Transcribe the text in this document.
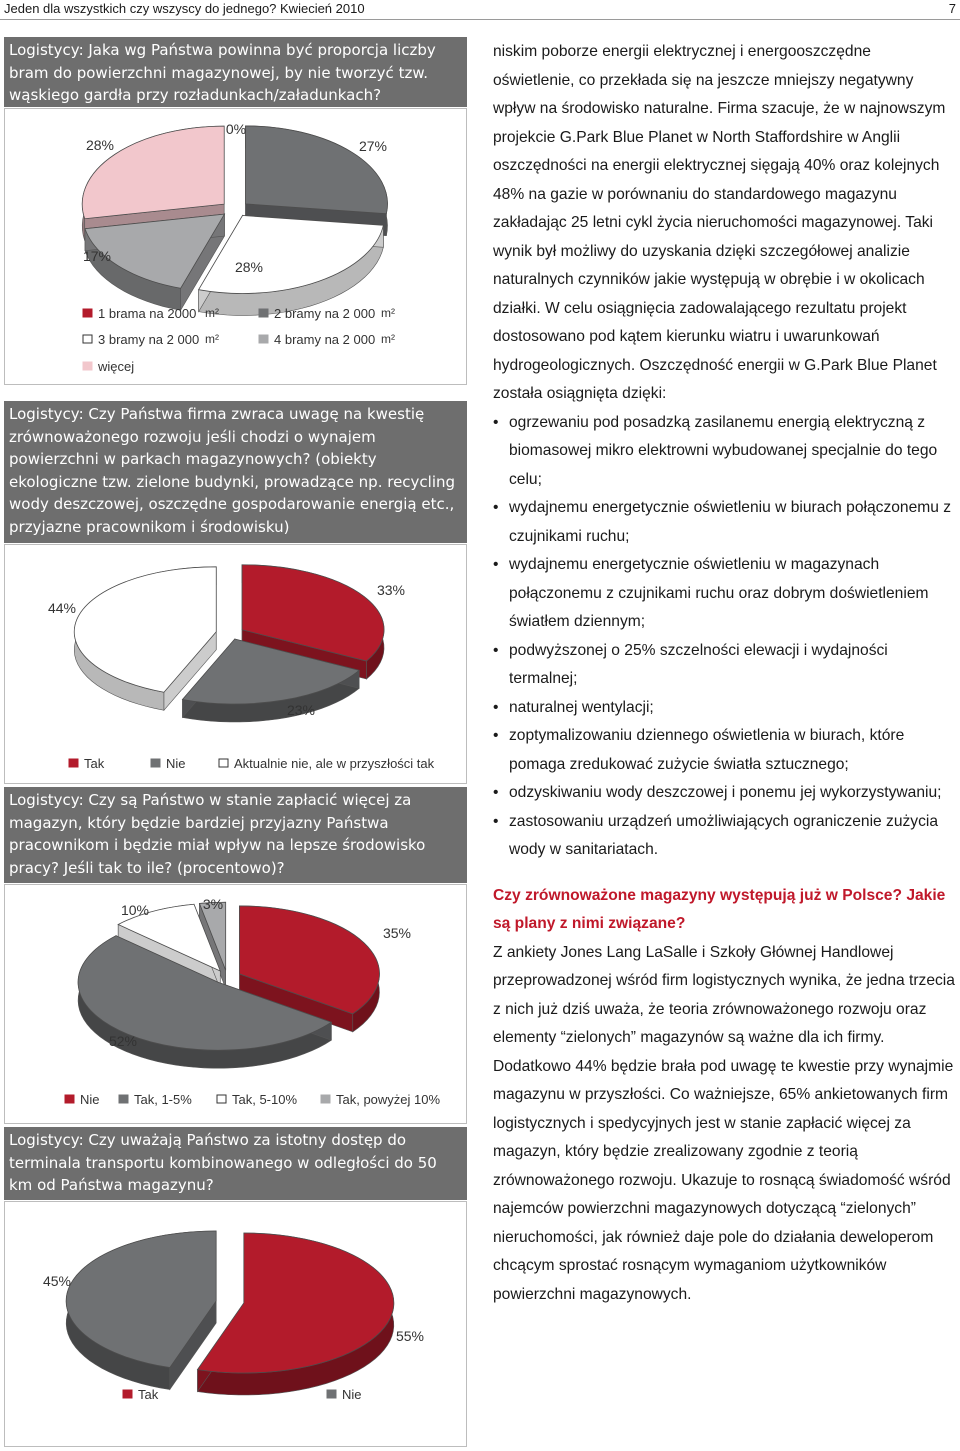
Jeden dla wszystkich czy wszyscy do jednego? Kwiecień 2010	7
Logistycy: Jaka wg Państwa powinna być proporcja liczby bram do powierzchni magazynowej, by nie tworzyć tzw. wąskiego gardła przy rozładunkach/załadunkach?
0%
27%
28%
17%
28%
1 brama na 2000 m²	2 bramy na 2 000 m²
3 bramy na 2 000 m²	4 bramy na 2 000 m²
więcej
Logistycy: Czy Państwa firma zwraca uwagę na kwestię zrównoważonego rozwoju jeśli chodzi o wynajem powierzchni w parkach magazynowych? (obiekty ekologiczne tzw. zielone budynki, prowadzące np. recycling wody deszczowej, oszczędne gospodarowanie energią etc., przyjazne pracownikom i środowisku)
33%
23%
44%
Tak	Nie	Aktualnie nie, ale w przyszłości tak
Logistycy: Czy są Państwo w stanie zapłacić więcej za magazyn, który będzie bardziej przyjazny Państwa pracownikom i będzie miał wpływ na lepsze środowisko pracy? Jeśli tak to ile? (procentowo)?
35%
52%
10%	3%
Nie	Tak, 1-5%	Tak, 5-10%	Tak, powyżej 10%
Logistycy: Czy uważają Państwo za istotny dostęp do terminala transportu kombinowanego w odległości do 50 km od Państwa magazynu?
55%
45%
Tak	Nie

niskim poborze energii elektrycznej i energooszczędne oświetlenie, co przekłada się na jeszcze mniejszy negatywny wpływ na środowisko naturalne. Firma szacuje, że w najnowszym projekcie G.Park Blue Planet w North Staffordshire w Anglii oszczędności na energii elektrycznej sięgają 40% oraz kolejnych 48% na gazie w porównaniu do standardowego magazynu zakładając 25 letni cykl życia nieruchomości magazynowej. Taki wynik był możliwy do uzyskania dzięki szczegółowej analizie naturalnych czynników jakie występują w obrębie i w okolicach działki. W celu osiągnięcia zadowalającego rezultatu projekt dostosowano pod kątem kierunku wiatru i uwarunkowań hydrogeologicznych. Oszczędność energii w G.Park Blue Planet została osiągnięta dzięki:

• ogrzewaniu pod posadzką zasilanemu energią elektryczną z biomasowej mikro elektrowni wybudowanej specjalnie do tego celu;
• wydajnemu energetycznie oświetleniu w biurach połączonemu z czujnikami ruchu;
• wydajnemu energetycznie oświetleniu w magazynach połączonemu z czujnikami ruchu oraz dobrym doświetleniem światłem dziennym;
• podwyższonej o 25% szczelności elewacji i wydajności termalnej;
• naturalnej wentylacji;
• zoptymalizowaniu dziennego oświetlenia w biurach, które pomaga zredukować zużycie światła sztucznego;
• odzyskiwaniu wody deszczowej i ponemu jej wykorzystywaniu;
• zastosowaniu urządzeń umożliwiających ograniczenie zużycia wody w sanitariatach.

Czy zrównoważone magazyny występują już w Polsce? Jakie są plany z nimi związane?

Z ankiety Jones Lang LaSalle i Szkoły Głównej Handlowej przeprowadzonej wśród firm logistycznych wynika, że jedna trzecia z nich już dziś uważa, że teoria zrównoważonego rozwoju oraz elementy “zielonych” magazynów są ważne dla ich firmy. Dodatkowo 44% będzie brała pod uwagę te kwestie przy wynajmie magazynu w przyszłości. Co ważniejsze, 65% ankietowanych firm logistycznych i spedycyjnych jest w stanie zapłacić więcej za magazyn, który będzie zrealizowany zgodnie z teorią zrównoważonego rozwoju. Ukazuje to rosnącą świadomość wśród najemców powierzchni magazynowych dotyczącą “zielonych” nieruchomości, jak również daje pole do działania deweloperom chcącym sprostać rosnącym wymaganiom użytkowników powierzchni magazynowych.
